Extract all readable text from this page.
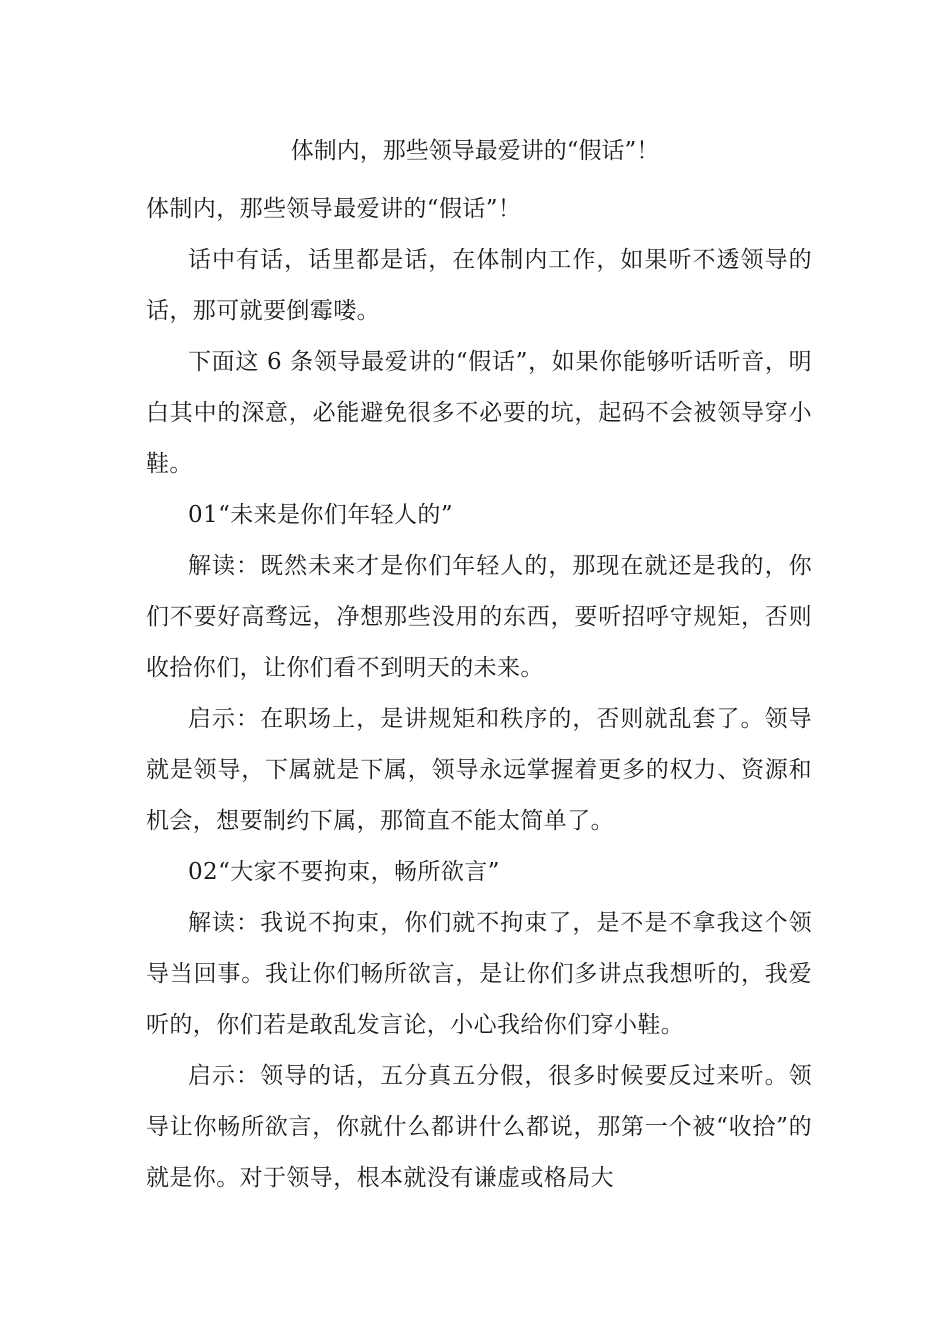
体制内，那些领导最爱讲的“假话”！

体制内，那些领导最爱讲的“假话”！

话中有话，话里都是话，在体制内工作，如果听不透领导的话，那可就要倒霉喽。

下面这 6 条领导最爱讲的“假话”，如果你能够听话听音，明白其中的深意，必能避免很多不必要的坑，起码不会被领导穿小鞋。

01“未来是你们年轻人的”

解读：既然未来才是你们年轻人的，那现在就还是我的，你们不要好高骛远，净想那些没用的东西，要听招呼守规矩，否则收拾你们，让你们看不到明天的未来。

启示：在职场上，是讲规矩和秩序的，否则就乱套了。领导就是领导，下属就是下属，领导永远掌握着更多的权力、资源和机会，想要制约下属，那简直不能太简单了。

02“大家不要拘束，畅所欲言”

解读：我说不拘束，你们就不拘束了，是不是不拿我这个领导当回事。我让你们畅所欲言，是让你们多讲点我想听的，我爱听的，你们若是敢乱发言论，小心我给你们穿小鞋。

启示：领导的话，五分真五分假，很多时候要反过来听。领导让你畅所欲言，你就什么都讲什么都说，那第一个被“收拾”的就是你。对于领导，根本就没有谦虚或格局大
